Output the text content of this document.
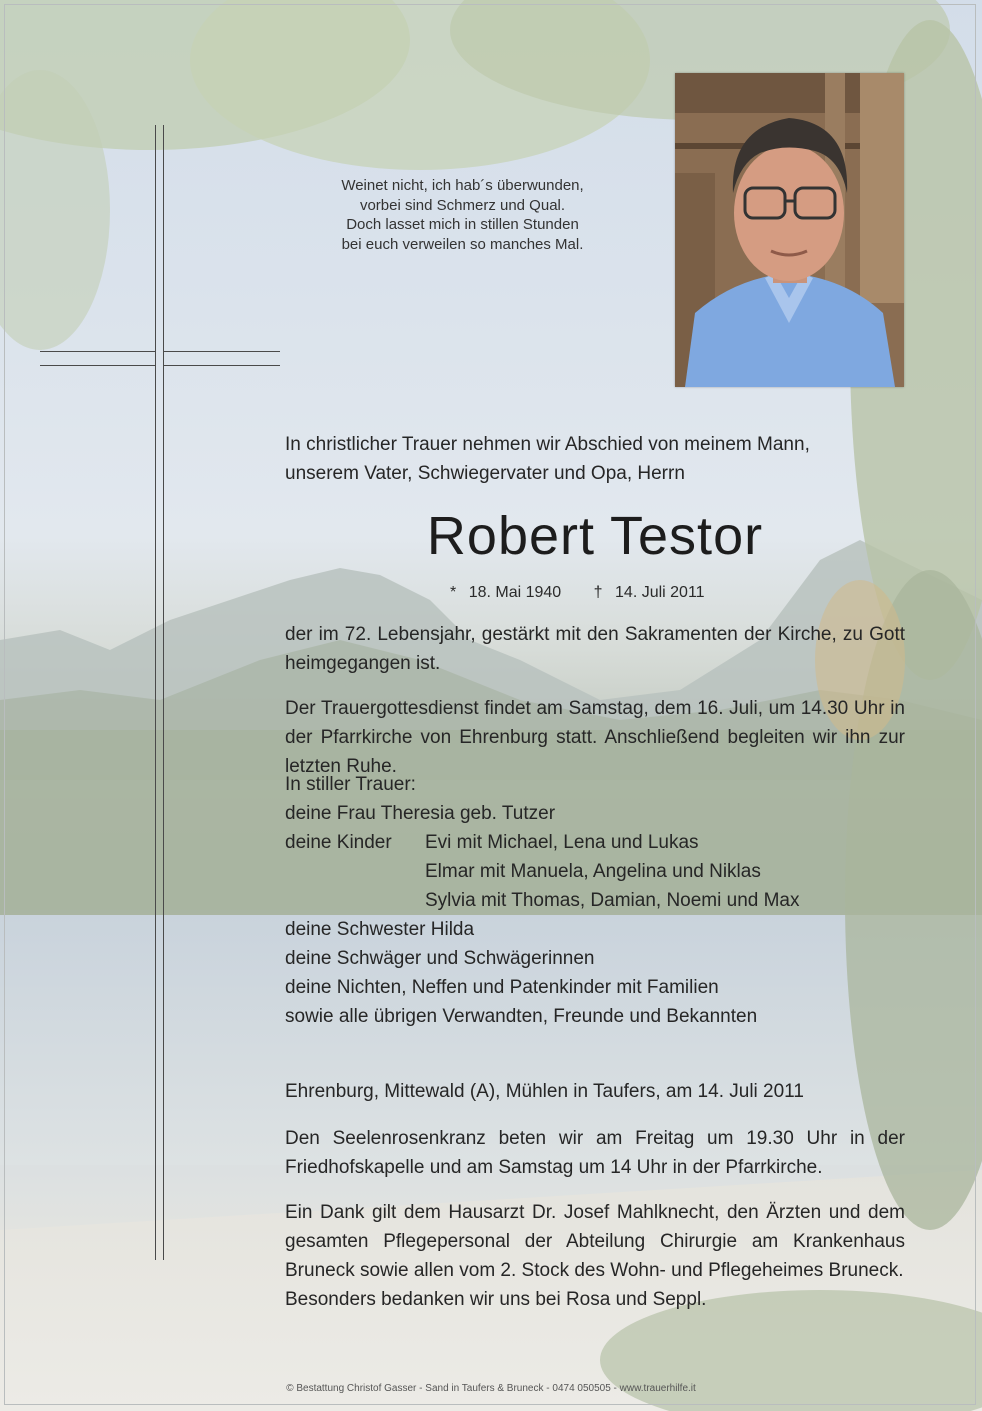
Weinet nicht, ich hab´s überwunden,
vorbei sind Schmerz und Qual.
Doch lasset mich in stillen Stunden
bei euch verweilen so manches Mal.
In christlicher Trauer nehmen wir Abschied von meinem Mann,
unserem Vater, Schwiegervater und Opa, Herrn
Robert Testor
* 18. Mai 1940 † 14. Juli 2011
der im 72. Lebensjahr, gestärkt mit den Sakramenten der Kirche, zu Gott heimgegangen ist.
Der Trauergottesdienst findet am Samstag, dem 16. Juli, um 14.30 Uhr in der Pfarrkirche von Ehrenburg statt. Anschließend begleiten wir ihn zur letzten Ruhe.
In stiller Trauer:
deine Frau Theresia geb. Tutzer
deine Kinder	Evi mit Michael, Lena und Lukas
Elmar mit Manuela, Angelina und Niklas
Sylvia mit Thomas, Damian, Noemi und Max
deine Schwester Hilda
deine Schwäger und Schwägerinnen
deine Nichten, Neffen und Patenkinder mit Familien
sowie alle übrigen Verwandten, Freunde und Bekannten
Ehrenburg, Mittewald (A), Mühlen in Taufers, am 14. Juli 2011
Den Seelenrosenkranz beten wir am Freitag um 19.30 Uhr in der Friedhofskapelle und am Samstag um 14 Uhr in der Pfarrkirche.
Ein Dank gilt dem Hausarzt Dr. Josef Mahlknecht, den Ärzten und dem gesamten Pflegepersonal der Abteilung Chirurgie am Krankenhaus Bruneck sowie allen vom 2. Stock des Wohn- und Pflegeheimes Bruneck.
Besonders bedanken wir uns bei Rosa und Seppl.
© Bestattung Christof Gasser - Sand in Taufers & Bruneck - 0474 050505 - www.trauerhilfe.it
